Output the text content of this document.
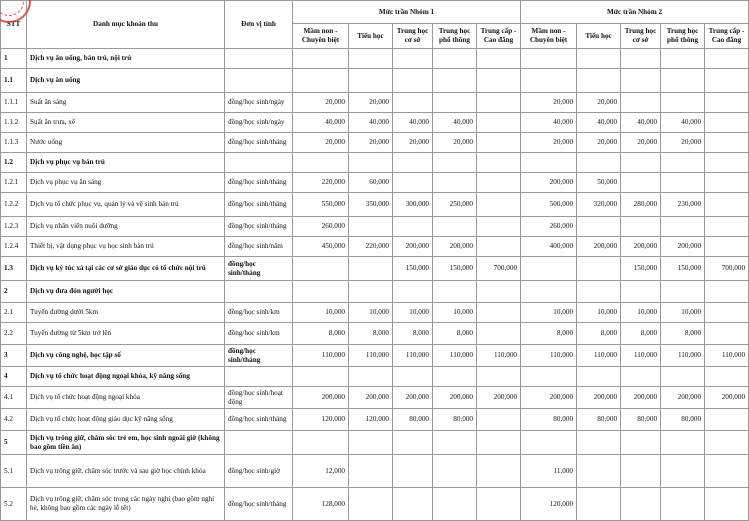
STT	Danh mục khoản thu	Đơn vị tính	Mức trần Nhóm 1					Mức trần Nhóm 2				
			Mầm non - Chuyên biệt	Tiểu học	Trung học cơ sở	Trung học phổ thông	Trung cấp - Cao đẳng	Mầm non - Chuyên biệt	Tiểu học	Trung học cơ sở	Trung học phổ thông	Trung cấp - Cao đẳng
1	Dịch vụ ăn uống, bán trú, nội trú											
1.1	Dịch vụ ăn uống											
1.1.1	Suất ăn sáng	đồng/học sinh/ngày	20,000	20,000				20,000	20,000			
1.1.2	Suất ăn trưa, xế	đồng/học sinh/ngày	40,000	40,000	40,000	40,000		40,000	40,000	40,000	40,000	
1.1.3	Nước uống	đồng/học sinh/tháng	20,000	20,000	20,000	20,000		20,000	20,000	20,000	20,000	
1.2	Dịch vụ phục vụ bán trú											
1.2.1	Dịch vụ phục vụ ăn sáng	đồng/học sinh/tháng	220,000	60,000				200,000	50,000			
1.2.2	Dịch vụ tổ chức phục vụ, quản lý và vệ sinh bán trú	đồng/học sinh/tháng	550,000	350,000	300,000	250,000		500,000	320,000	280,000	230,000	
1.2.3	Dịch vụ nhân viên nuôi dưỡng	đồng/học sinh/tháng	260,000					260,000				
1.2.4	Thiết bị, vật dụng phục vụ học sinh bán trú	đồng/học sinh/năm	450,000	220,000	200,000	200,000		400,000	200,000	200,000	200,000	
1.3	Dịch vụ ký túc xá tại các cơ sở giáo dục có tổ chức nội trú	đồng/học sinh/tháng			150,000	150,000	700,000			150,000	150,000	700,000
2	Dịch vụ đưa đón người học											
2.1	Tuyến đường dưới 5km	đồng/học sinh/km	10,000	10,000	10,000	10,000		10,000	10,000	10,000	10,000	
2.2	Tuyến đường từ 5km trở lên	đồng/học sinh/km	8,000	8,000	8,000	8,000		8,000	8,000	8,000	8,000	
3	Dịch vụ công nghệ, học tập số	đồng/học sinh/tháng	110,000	110,000	110,000	110,000	110,000	110,000	110,000	110,000	110,000	110,000
4	Dịch vụ tổ chức hoạt động ngoại khóa, kỹ năng sống											
4.1	Dịch vụ tổ chức hoạt động ngoại khóa	đồng/học sinh/hoạt động	200,000	200,000	200,000	200,000	200,000	200,000	200,000	200,000	200,000	200,000
4.2	Dịch vụ tổ chức hoạt động giáo dục kỹ năng sống	đồng/học sinh/tháng	120,000	120,000	80,000	80,000		80,000	80,000	80,000	80,000	
5	Dịch vụ trông giữ, chăm sóc trẻ em, học sinh ngoài giờ (không bao gồm tiền ăn)											
5.1	Dịch vụ trông giữ, chăm sóc trước và sau giờ học chính khóa	đồng/học sinh/giờ	12,000					11,000				
5.2	Dịch vụ trông giữ, chăm sóc trong các ngày nghỉ (bao gồm nghỉ hè, không bao gồm các ngày lễ tết)	đồng/học sinh/tháng	128,000					120,000				
